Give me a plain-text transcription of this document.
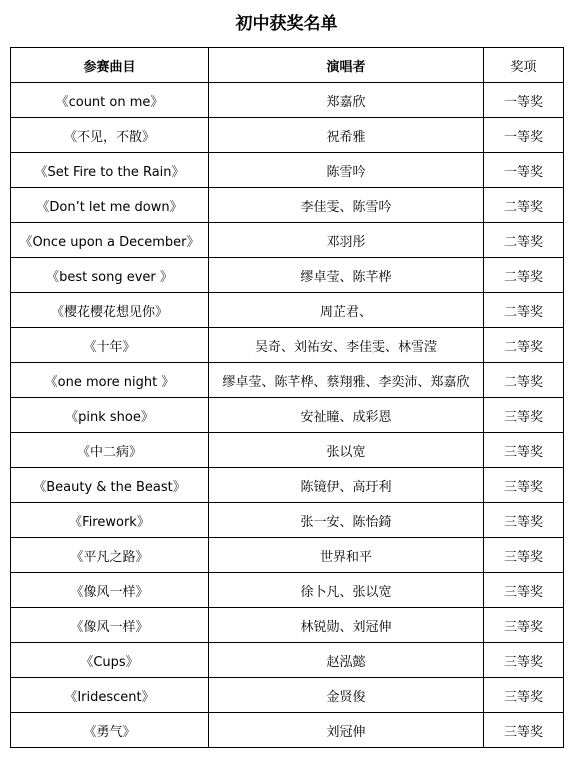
初中获奖名单
参赛曲目	演唱者	奖项
《count on me》	郑嘉欣	一等奖
《不见，不散》	祝希雅	一等奖
《Set Fire to the Rain》	陈雪吟	一等奖
《Don’t let me down》	李佳雯、陈雪吟	二等奖
《Once upon a December》	邓羽彤	二等奖
《best song ever 》	缪卓莹、陈芊桦	二等奖
《樱花樱花想见你》	周芷君、	二等奖
《十年》	吴奇、刘祐安、李佳雯、林雪滢	二等奖
《one more night 》	缪卓莹、陈芊桦、蔡翔雅、李奕沛、郑嘉欣	二等奖
《pink shoe》	安祉瞳、成彩恩	三等奖
《中二病》	张以宽	三等奖
《Beauty & the Beast》	陈镜伊、高玗利	三等奖
《Firework》	张一安、陈怡錡	三等奖
《平凡之路》	世界和平	三等奖
《像风一样》	徐卜凡、张以宽	三等奖
《像风一样》	林锐勋、刘冠伸	三等奖
《Cups》	赵泓懿	三等奖
《Iridescent》	金贤俊	三等奖
《勇气》	刘冠伸	三等奖
